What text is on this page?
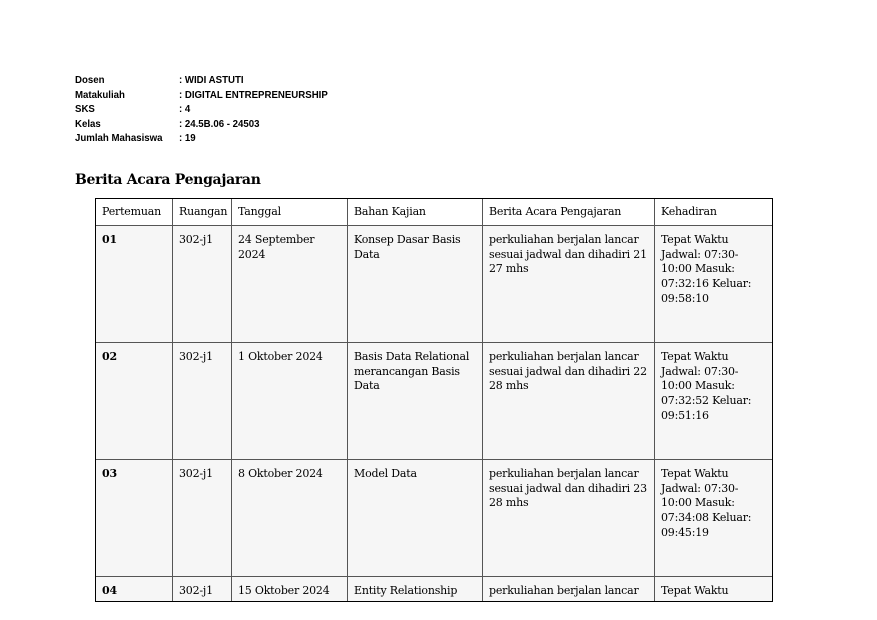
Dosen	: WIDI ASTUTI
Matakuliah	: DIGITAL ENTREPRENEURSHIP
SKS	: 4
Kelas	: 24.5B.06 - 24503
Jumlah Mahasiswa	: 19
Berita Acara Pengajaran
Pertemuan	Ruangan	Tanggal	Bahan Kajian	Berita Acara Pengajaran	Kehadiran
01	302-j1	24 September 2024	Konsep Dasar Basis Data	perkuliahan berjalan lancar sesuai jadwal dan dihadiri 21 27 mhs	Tepat Waktu Jadwal: 07:30-10:00 Masuk: 07:32:16 Keluar: 09:58:10
02	302-j1	1 Oktober 2024	Basis Data Relational merancangan Basis Data	perkuliahan berjalan lancar sesuai jadwal dan dihadiri 22 28 mhs	Tepat Waktu Jadwal: 07:30-10:00 Masuk: 07:32:52 Keluar: 09:51:16
03	302-j1	8 Oktober 2024	Model Data	perkuliahan berjalan lancar sesuai jadwal dan dihadiri 23 28 mhs	Tepat Waktu Jadwal: 07:30-10:00 Masuk: 07:34:08 Keluar: 09:45:19
04	302-j1	15 Oktober 2024	Entity Relationship	perkuliahan berjalan lancar	Tepat Waktu
